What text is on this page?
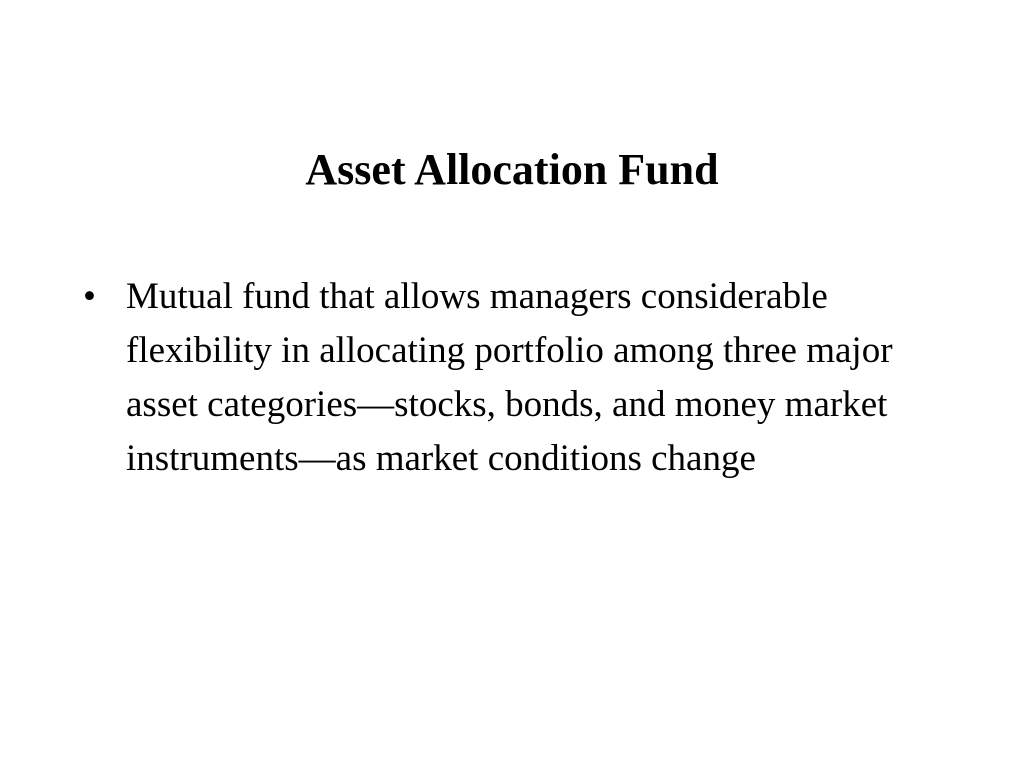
Asset Allocation Fund
• Mutual fund that allows managers considerable flexibility in allocating portfolio among three major asset categories—stocks, bonds, and money market instruments—as market conditions change
